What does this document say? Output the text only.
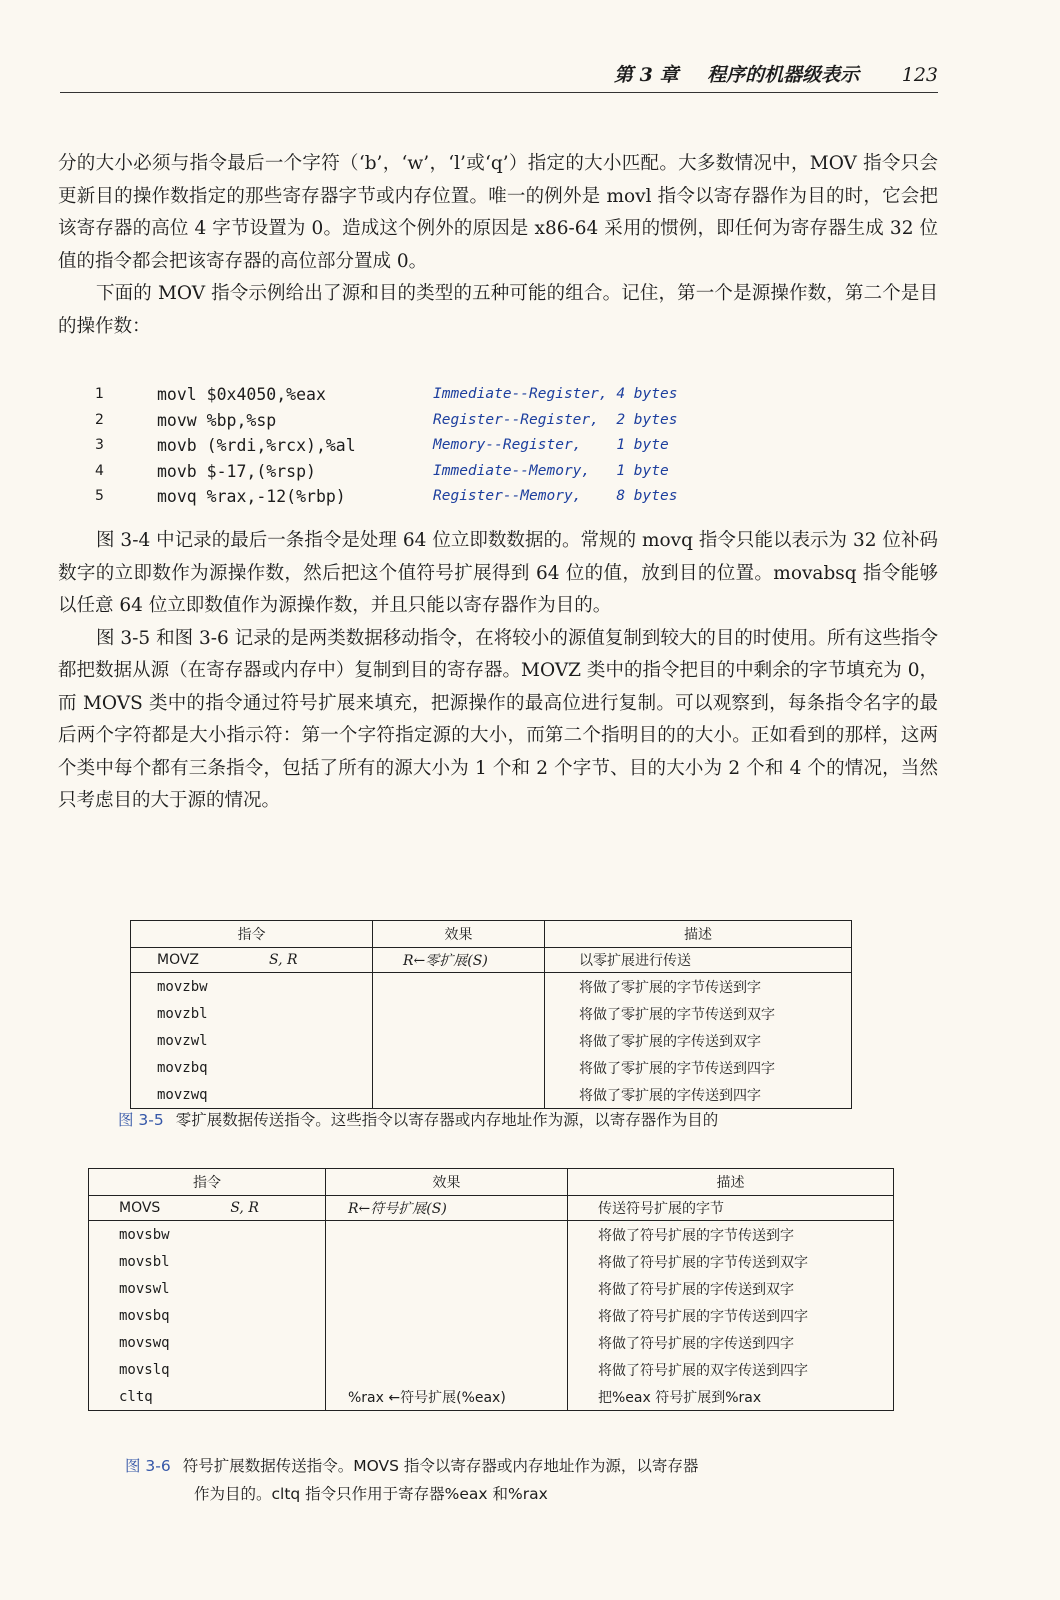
第 3 章 程序的机器级表示 123

分的大小必须与指令最后一个字符（‘b’，‘w’，‘l’或‘q’）指定的大小匹配。大多数情况中，MOV 指令只会更新目的操作数指定的那些寄存器字节或内存位置。唯一的例外是 movl 指令以寄存器作为目的时，它会把该寄存器的高位 4 字节设置为 0。造成这个例外的原因是 x86-64 采用的惯例，即任何为寄存器生成 32 位值的指令都会把该寄存器的高位部分置成 0。

下面的 MOV 指令示例给出了源和目的类型的五种可能的组合。记住，第一个是源操作数，第二个是目的操作数：

1	movl $0x4050,%eax	Immediate--Register, 4 bytes
2	movw %bp,%sp	Register--Register,  2 bytes
3	movb (%rdi,%rcx),%al	Memory--Register,    1 byte
4	movb $-17,(%rsp)	Immediate--Memory,   1 byte
5	movq %rax,-12(%rbp)	Register--Memory,    8 bytes

图 3-4 中记录的最后一条指令是处理 64 位立即数数据的。常规的 movq 指令只能以表示为 32 位补码数字的立即数作为源操作数，然后把这个值符号扩展得到 64 位的值，放到目的位置。movabsq 指令能够以任意 64 位立即数值作为源操作数，并且只能以寄存器作为目的。

图 3-5 和图 3-6 记录的是两类数据移动指令，在将较小的源值复制到较大的目的时使用。所有这些指令都把数据从源（在寄存器或内存中）复制到目的寄存器。MOVZ 类中的指令把目的中剩余的字节填充为 0，而 MOVS 类中的指令通过符号扩展来填充，把源操作的最高位进行复制。可以观察到，每条指令名字的最后两个字符都是大小指示符：第一个字符指定源的大小，而第二个指明目的的大小。正如看到的那样，这两个类中每个都有三条指令，包括了所有的源大小为 1 个和 2 个字节、目的大小为 2 个和 4 个的情况，当然只考虑目的大于源的情况。

指令	效果	描述
MOVZ S, R	R←零扩展(S)	以零扩展进行传送
movzbw		将做了零扩展的字节传送到字
movzbl		将做了零扩展的字节传送到双字
movzwl		将做了零扩展的字传送到双字
movzbq		将做了零扩展的字节传送到四字
movzwq		将做了零扩展的字传送到四字
图 3-5 零扩展数据传送指令。这些指令以寄存器或内存地址作为源，以寄存器作为目的
指令	效果	描述
MOVS S, R	R←符号扩展(S)	传送符号扩展的字节
movsbw		将做了符号扩展的字节传送到字
movsbl		将做了符号扩展的字节传送到双字
movswl		将做了符号扩展的字传送到双字
movsbq		将做了符号扩展的字节传送到四字
movswq		将做了符号扩展的字传送到四字
movslq		将做了符号扩展的双字传送到四字
cltq	%rax ←符号扩展(%eax)	把%eax 符号扩展到%rax
图 3-6 符号扩展数据传送指令。MOVS 指令以寄存器或内存地址作为源，以寄存器
作为目的。cltq 指令只作用于寄存器%eax 和%rax
